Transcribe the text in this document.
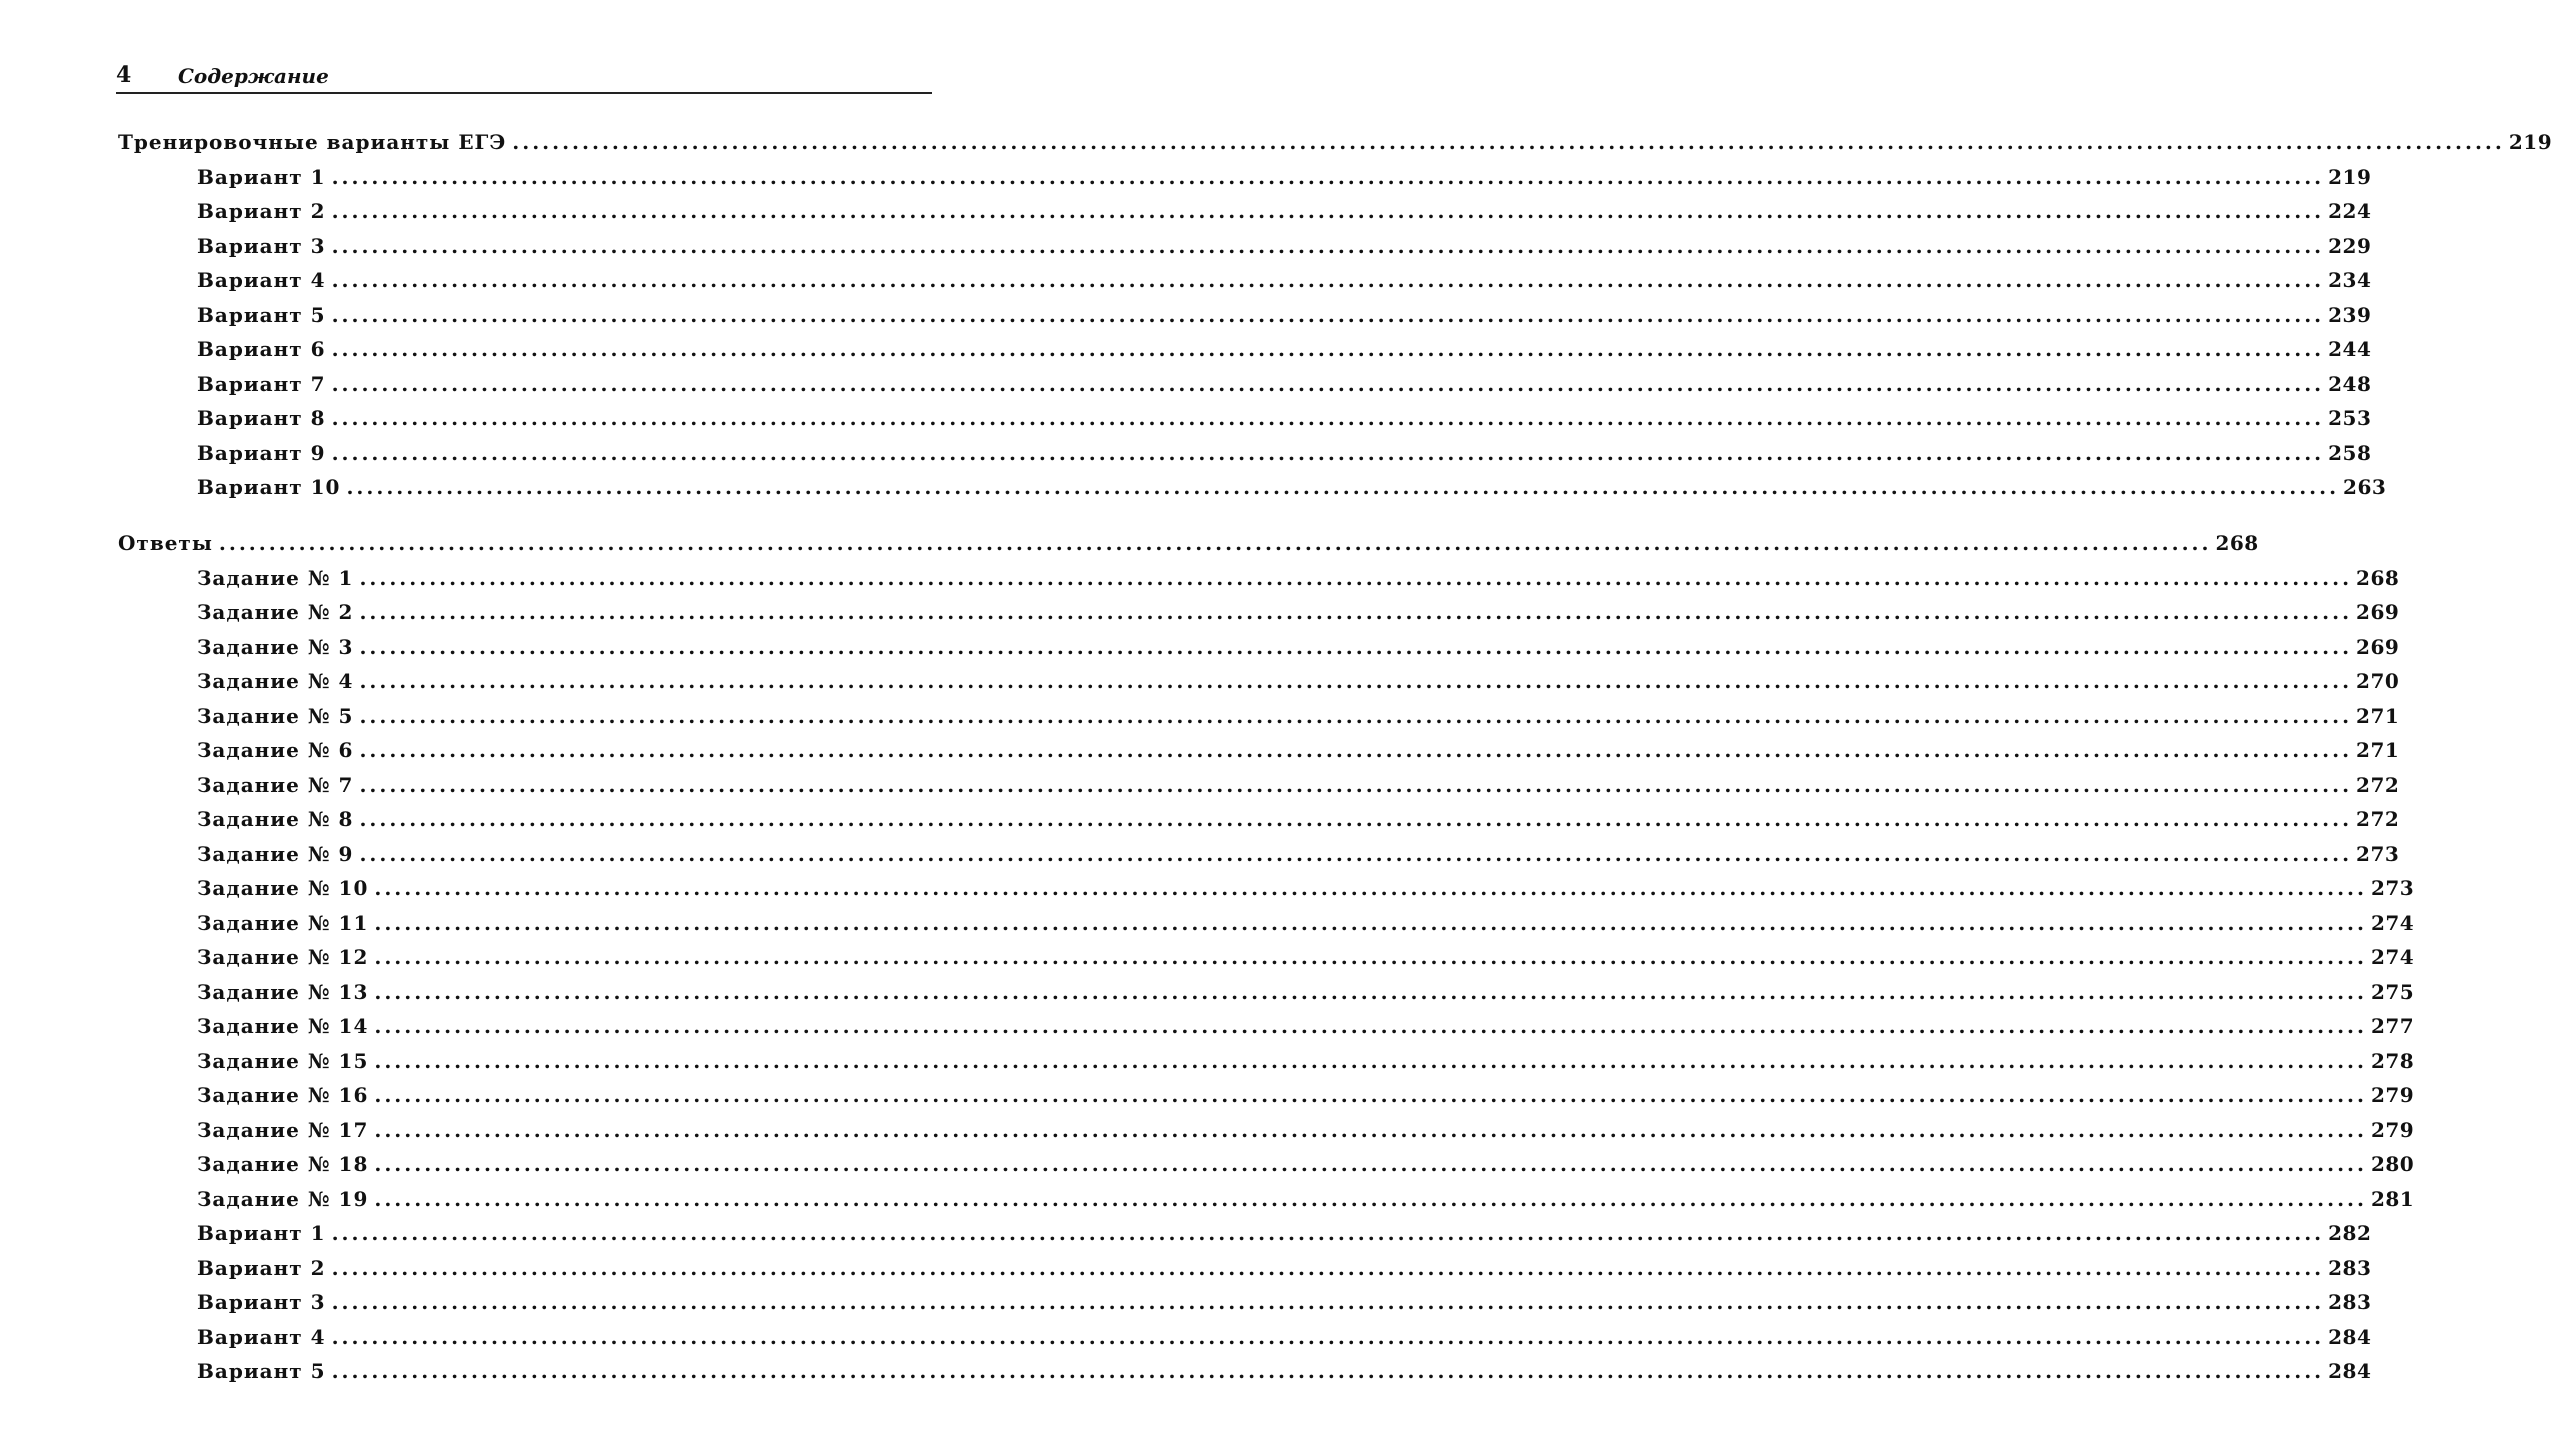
4 Содержание
Тренировочные варианты ЕГЭ ........................................................................................................................................................................................................ 219
Вариант 1 ........................................................................................................................................................................................................ 219
Вариант 2 ........................................................................................................................................................................................................ 224
Вариант 3 ........................................................................................................................................................................................................ 229
Вариант 4 ........................................................................................................................................................................................................ 234
Вариант 5 ........................................................................................................................................................................................................ 239
Вариант 6 ........................................................................................................................................................................................................ 244
Вариант 7 ........................................................................................................................................................................................................ 248
Вариант 8 ........................................................................................................................................................................................................ 253
Вариант 9 ........................................................................................................................................................................................................ 258
Вариант 10 ........................................................................................................................................................................................................ 263
Ответы ........................................................................................................................................................................................................ 268
Задание № 1 ........................................................................................................................................................................................................ 268
Задание № 2 ........................................................................................................................................................................................................ 269
Задание № 3 ........................................................................................................................................................................................................ 269
Задание № 4 ........................................................................................................................................................................................................ 270
Задание № 5 ........................................................................................................................................................................................................ 271
Задание № 6 ........................................................................................................................................................................................................ 271
Задание № 7 ........................................................................................................................................................................................................ 272
Задание № 8 ........................................................................................................................................................................................................ 272
Задание № 9 ........................................................................................................................................................................................................ 273
Задание № 10 ........................................................................................................................................................................................................ 273
Задание № 11 ........................................................................................................................................................................................................ 274
Задание № 12 ........................................................................................................................................................................................................ 274
Задание № 13 ........................................................................................................................................................................................................ 275
Задание № 14 ........................................................................................................................................................................................................ 277
Задание № 15 ........................................................................................................................................................................................................ 278
Задание № 16 ........................................................................................................................................................................................................ 279
Задание № 17 ........................................................................................................................................................................................................ 279
Задание № 18 ........................................................................................................................................................................................................ 280
Задание № 19 ........................................................................................................................................................................................................ 281
Вариант 1 ........................................................................................................................................................................................................ 282
Вариант 2 ........................................................................................................................................................................................................ 283
Вариант 3 ........................................................................................................................................................................................................ 283
Вариант 4 ........................................................................................................................................................................................................ 284
Вариант 5 ........................................................................................................................................................................................................ 284
